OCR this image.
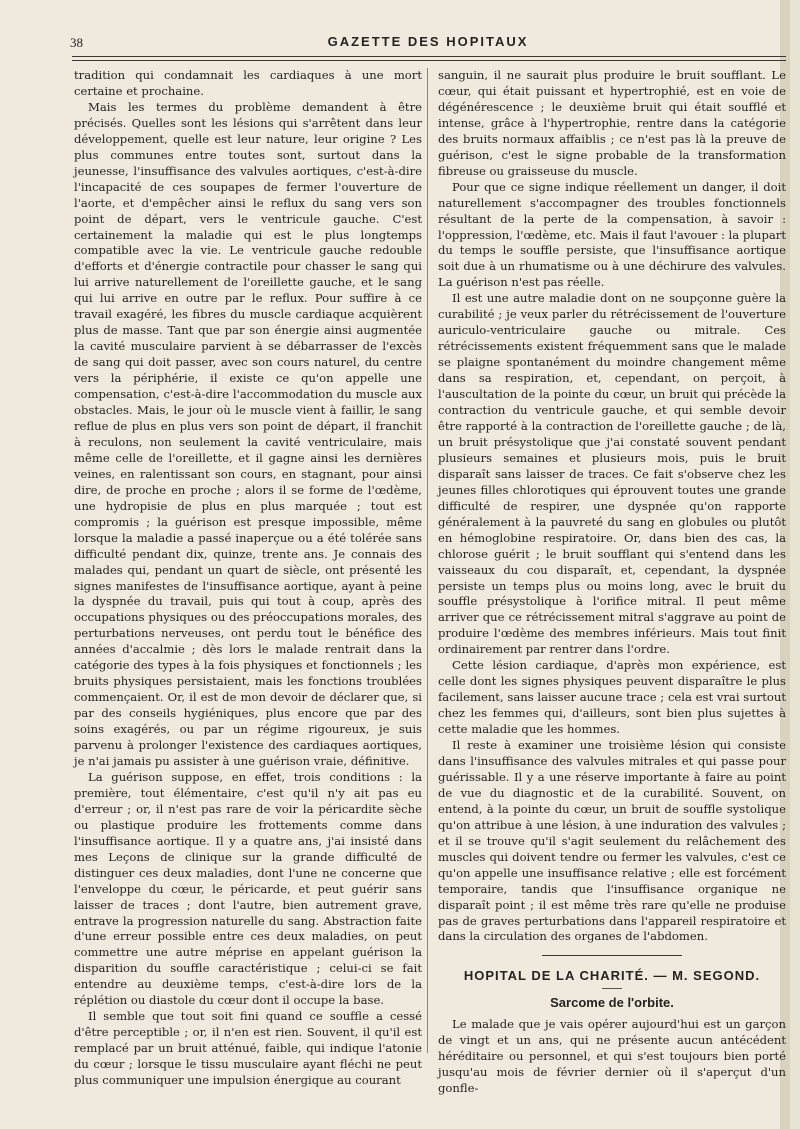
38	GAZETTE DES HOPITAUX

tradition qui condamnait les cardiaques à une mort certaine et prochaine.

Mais les termes du problème demandent à être précisés. Quelles sont les lésions qui s'arrêtent dans leur développement, quelle est leur nature, leur origine ? Les plus communes entre toutes sont, surtout dans la jeunesse, l'insuffisance des valvules aortiques, c'est-à-dire l'incapacité de ces soupapes de fermer l'ouverture de l'aorte, et d'empêcher ainsi le reflux du sang vers son point de départ, vers le ventricule gauche. C'est certainement la maladie qui est le plus longtemps compatible avec la vie. Le ventricule gauche redouble d'efforts et d'énergie contractile pour chasser le sang qui lui arrive naturellement de l'oreillette gauche, et le sang qui lui arrive en outre par le reflux. Pour suffire à ce travail exagéré, les fibres du muscle cardiaque acquièrent plus de masse. Tant que par son énergie ainsi augmentée la cavité musculaire parvient à se débarrasser de l'excès de sang qui doit passer, avec son cours naturel, du centre vers la périphérie, il existe ce qu'on appelle une compensation, c'est-à-dire l'accommodation du muscle aux obstacles. Mais, le jour où le muscle vient à faillir, le sang reflue de plus en plus vers son point de départ, il franchit à reculons, non seulement la cavité ventriculaire, mais même celle de l'oreillette, et il gagne ainsi les dernières veines, en ralentissant son cours, en stagnant, pour ainsi dire, de proche en proche ; alors il se forme de l'œdème, une hydropisie de plus en plus marquée ; tout est compromis ; la guérison est presque impossible, même lorsque la maladie a passé inaperçue ou a été tolérée sans difficulté pendant dix, quinze, trente ans. Je connais des malades qui, pendant un quart de siècle, ont présenté les signes manifestes de l'insuffisance aortique, ayant à peine la dyspnée du travail, puis qui tout à coup, après des occupations physiques ou des préoccupations morales, des perturbations nerveuses, ont perdu tout le bénéfice des années d'accalmie ; dès lors le malade rentrait dans la catégorie des types à la fois physiques et fonctionnels ; les bruits physiques persistaient, mais les fonctions troublées commençaient. Or, il est de mon devoir de déclarer que, si par des conseils hygiéniques, plus encore que par des soins exagérés, ou par un régime rigoureux, je suis parvenu à prolonger l'existence des cardiaques aortiques, je n'ai jamais pu assister à une guérison vraie, définitive.

La guérison suppose, en effet, trois conditions : la première, tout élémentaire, c'est qu'il n'y ait pas eu d'erreur ; or, il n'est pas rare de voir la péricardite sèche ou plastique produire les frottements comme dans l'insuffisance aortique. Il y a quatre ans, j'ai insisté dans mes Leçons de clinique sur la grande difficulté de distinguer ces deux maladies, dont l'une ne concerne que l'enveloppe du cœur, le péricarde, et peut guérir sans laisser de traces ; dont l'autre, bien autrement grave, entrave la progression naturelle du sang. Abstraction faite d'une erreur possible entre ces deux maladies, on peut commettre une autre méprise en appelant guérison la disparition du souffle caractéristique ; celui-ci se fait entendre au deuxième temps, c'est-à-dire lors de la réplétion ou diastole du cœur dont il occupe la base.

Il semble que tout soit fini quand ce souffle a cessé d'être perceptible ; or, il n'en est rien. Souvent, il qu'il est remplacé par un bruit atténué, faible, qui indique l'atonie du cœur ; lorsque le tissu musculaire ayant fléchi ne peut plus communiquer une impulsion énergique au courant

sanguin, il ne saurait plus produire le bruit soufflant. Le cœur, qui était puissant et hypertrophié, est en voie de dégénérescence ; le deuxième bruit qui était soufflé et intense, grâce à l'hypertrophie, rentre dans la catégorie des bruits normaux affaiblis ; ce n'est pas là la preuve de guérison, c'est le signe probable de la transformation fibreuse ou graisseuse du muscle.

Pour que ce signe indique réellement un danger, il doit naturellement s'accompagner des troubles fonctionnels résultant de la perte de la compensation, à savoir : l'oppression, l'œdème, etc. Mais il faut l'avouer : la plupart du temps le souffle persiste, que l'insuffisance aortique soit due à un rhumatisme ou à une déchirure des valvules. La guérison n'est pas réelle.

Il est une autre maladie dont on ne soupçonne guère la curabilité ; je veux parler du rétrécissement de l'ouverture auriculo-ventriculaire gauche ou mitrale. Ces rétrécissements existent fréquemment sans que le malade se plaigne spontanément du moindre changement même dans sa respiration, et, cependant, on perçoit, à l'auscultation de la pointe du cœur, un bruit qui précède la contraction du ventricule gauche, et qui semble devoir être rapporté à la contraction de l'oreillette gauche ; de là, un bruit présystolique que j'ai constaté souvent pendant plusieurs semaines et plusieurs mois, puis le bruit disparaît sans laisser de traces. Ce fait s'observe chez les jeunes filles chlorotiques qui éprouvent toutes une grande difficulté de respirer, une dyspnée qu'on rapporte généralement à la pauvreté du sang en globules ou plutôt en hémoglobine respiratoire. Or, dans bien des cas, la chlorose guérit ; le bruit soufflant qui s'entend dans les vaisseaux du cou disparaît, et, cependant, la dyspnée persiste un temps plus ou moins long, avec le bruit du souffle présystolique à l'orifice mitral. Il peut même arriver que ce rétrécissement mitral s'aggrave au point de produire l'œdème des membres inférieurs. Mais tout finit ordinairement par rentrer dans l'ordre.

Cette lésion cardiaque, d'après mon expérience, est celle dont les signes physiques peuvent disparaître le plus facilement, sans laisser aucune trace ; cela est vrai surtout chez les femmes qui, d'ailleurs, sont bien plus sujettes à cette maladie que les hommes.

Il reste à examiner une troisième lésion qui consiste dans l'insuffisance des valvules mitrales et qui passe pour guérissable. Il y a une réserve importante à faire au point de vue du diagnostic et de la curabilité. Souvent, on entend, à la pointe du cœur, un bruit de souffle systolique qu'on attribue à une lésion, à une induration des valvules ; et il se trouve qu'il s'agit seulement du relâchement des muscles qui doivent tendre ou fermer les valvules, c'est ce qu'on appelle une insuffisance relative ; elle est forcément temporaire, tandis que l'insuffisance organique ne disparaît point ; il est même très rare qu'elle ne produise pas de graves perturbations dans l'appareil respiratoire et dans la circulation des organes de l'abdomen.

HOPITAL DE LA CHARITÉ. — M. SEGOND.
Sarcome de l'orbite.

Le malade que je vais opérer aujourd'hui est un garçon de vingt et un ans, qui ne présente aucun antécédent héréditaire ou personnel, et qui s'est toujours bien porté jusqu'au mois de février dernier où il s'aperçut d'un gonfle-
